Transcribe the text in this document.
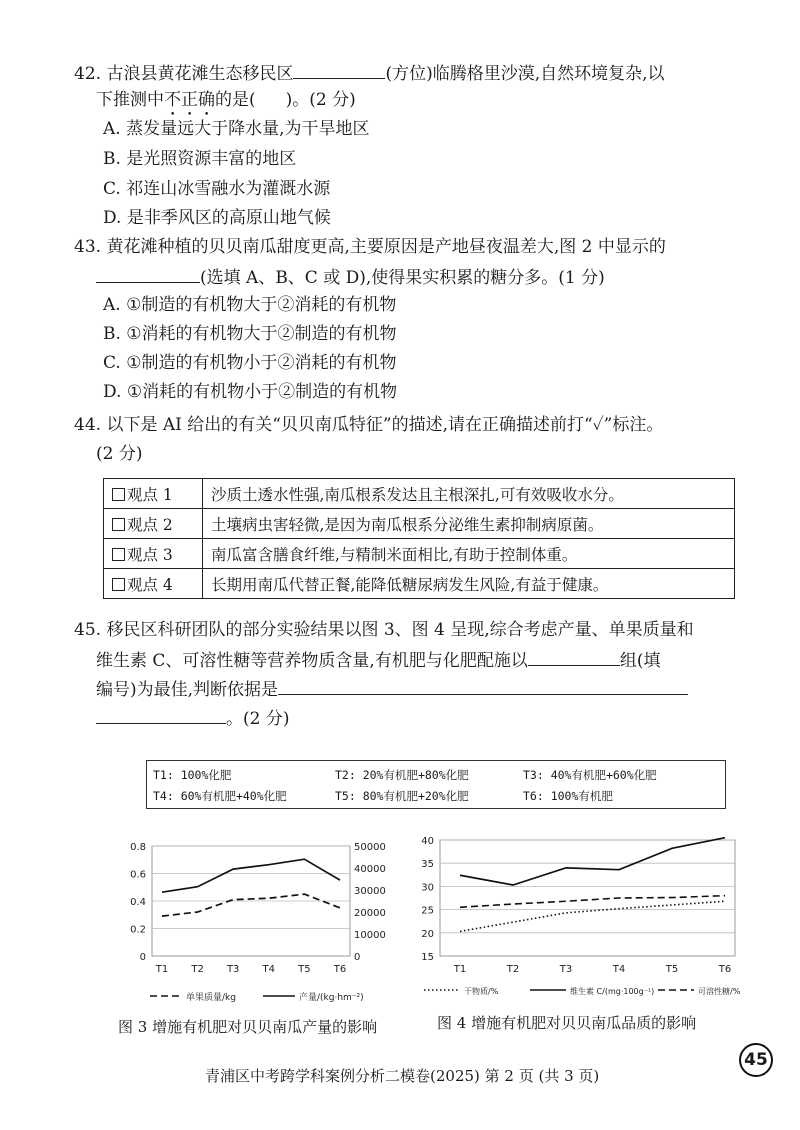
42. 古浪县黄花滩生态移民区	(方位)临腾格里沙漠,自然环境复杂,以
下推测中不正确的是( )。(2 分)
A. 蒸发量远大于降水量,为干旱地区
B. 是光照资源丰富的地区
C. 祁连山冰雪融水为灌溉水源
D. 是非季风区的高原山地气候
43. 黄花滩种植的贝贝南瓜甜度更高,主要原因是产地昼夜温差大,图 2 中显示的
(选填 A、B、C 或 D),使得果实积累的糖分多。(1 分)
A. ①制造的有机物大于②消耗的有机物
B. ①消耗的有机物大于②制造的有机物
C. ①制造的有机物小于②消耗的有机物
D. ①消耗的有机物小于②制造的有机物
44. 以下是 AI 给出的有关“贝贝南瓜特征”的描述,请在正确描述前打“✓”标注。
(2 分)
观点 1	沙质土透水性强,南瓜根系发达且主根深扎,可有效吸收水分。
观点 2	土壤病虫害轻微,是因为南瓜根系分泌维生素抑制病原菌。
观点 3	南瓜富含膳食纤维,与精制米面相比,有助于控制体重。
观点 4	长期用南瓜代替正餐,能降低糖尿病发生风险,有益于健康。
45. 移民区科研团队的部分实验结果以图 3、图 4 呈现,综合考虑产量、单果质量和
维生素 C、可溶性糖等营养物质含量,有机肥与化肥配施以	组(填
编号)为最佳,判断依据是
。(2 分)
T1: 100%化肥	T2: 20%有机肥+80%化肥	T3: 40%有机肥+60%化肥
T4: 60%有机肥+40%化肥	T5: 80%有机肥+20%化肥	T6: 100%有机肥
0
0.2
0.4
0.6
0.8
0
10000
20000
30000
40000
50000
T1 T2 T3 T4 T5 T6
单果质量/kg	产量/(kg·hm⁻²)
15
20
25
30
35
40
T1	T2	T3	T4	T5	T6
干物质/%	维生素 C/(mg·100g⁻¹)	可溶性糖/%
图 3 增施有机肥对贝贝南瓜产量的影响	图 4 增施有机肥对贝贝南瓜品质的影响
青浦区中考跨学科案例分析二模卷(2025) 第 2 页 (共 3 页)
45
